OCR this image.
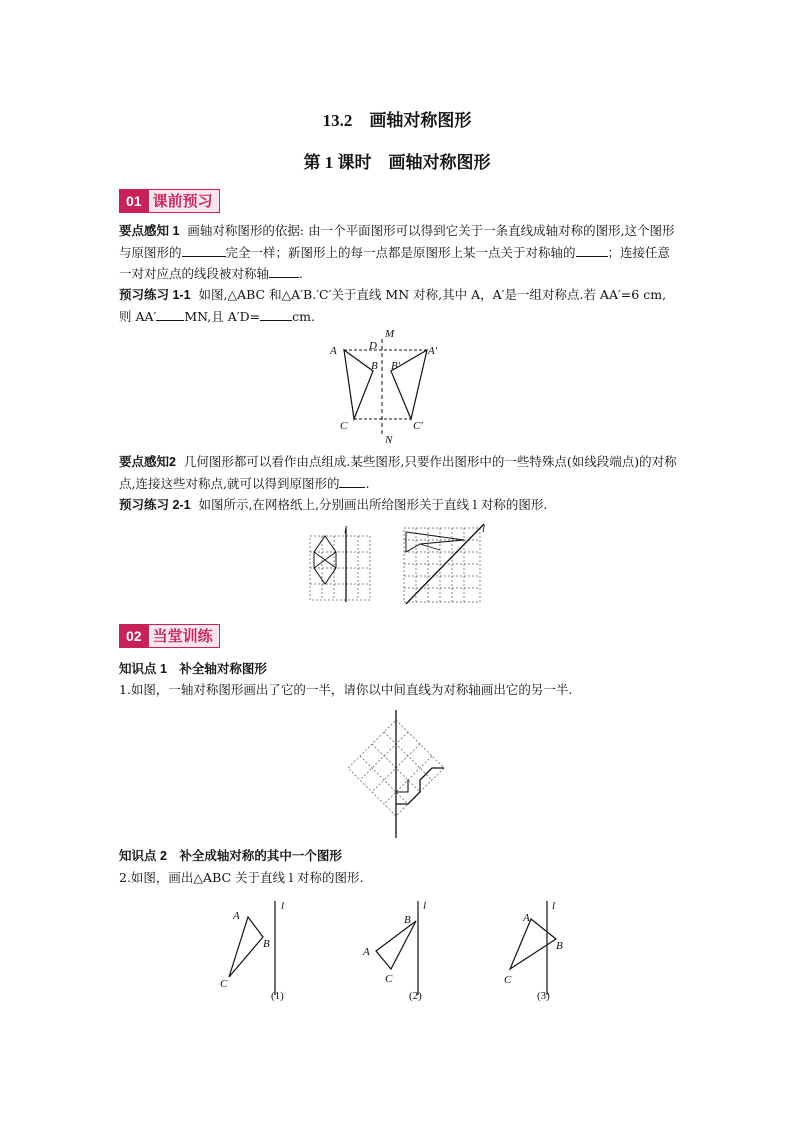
13.2　画轴对称图形
第 1 课时　画轴对称图形
01 课前预习
要点感知 1 画轴对称图形的依据: 由一个平面图形可以得到它关于一条直线成轴对称的图形,这个图形与原图形的	完全一样；新图形上的每一点都是原图形上某一点关于对称轴的	；连接任意一对对应点的线段被对称轴 .
预习练习 1-1 如图,△ABC 和△A′B.′C′关于直线 MN 对称,其中 A，A′是一组对称点.若 AA′=6 cm,则 AA′ MN,且 A′D=	cm.
A	A′
B B′
C	C′
D
M
N
要点感知2 几何图形都可以看作由点组成.某些图形,只要作出图形中的一些特殊点(如线段端点)的对称点,连接这些对称点,就可以得到原图形的 .
预习练习 2-1 如图所示,在网格纸上,分别画出所给图形关于直线 l 对称的图形.
l	l
02 当堂训练
知识点 1　补全轴对称图形
1.如图，一轴对称图形画出了它的一半，请你以中间直线为对称轴画出它的另一半.
知识点 2　补全成轴对称的其中一个图形
2.如图，画出△ABC 关于直线 l 对称的图形.
A
B
C
l
(1)
B
A
C
l
(2)
A
B
C
l
(3)
